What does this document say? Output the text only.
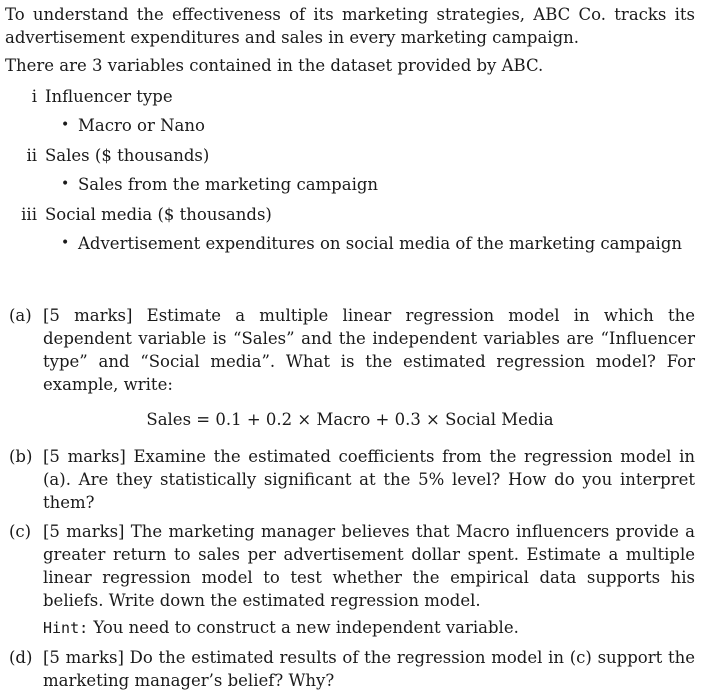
To understand the effectiveness of its marketing strategies, ABC Co. tracks its advertisement expenditures and sales in every marketing campaign.

There are 3 variables contained in the dataset provided by ABC.

i Influencer type
• Macro or Nano
ii Sales ($ thousands)
• Sales from the marketing campaign
iii Social media ($ thousands)
• Advertisement expenditures on social media of the marketing campaign
(a) [5 marks] Estimate a multiple linear regression model in which the dependent variable is “Sales” and the independent variables are “Influencer type” and “Social media”. What is the estimated regression model? For example, write:

Sales = 0.1 + 0.2 × Macro + 0.3 × Social Media

(b) [5 marks] Examine the estimated coefficients from the regression model in (a). Are they statistically significant at the 5% level? How do you interpret them?

(c) [5 marks] The marketing manager believes that Macro influencers provide a greater return to sales per advertisement dollar spent. Estimate a multiple linear regression model to test whether the empirical data supports his beliefs. Write down the estimated regression model.

Hint: You need to construct a new independent variable.

(d) [5 marks] Do the estimated results of the regression model in (c) support the marketing manager’s belief? Why?
